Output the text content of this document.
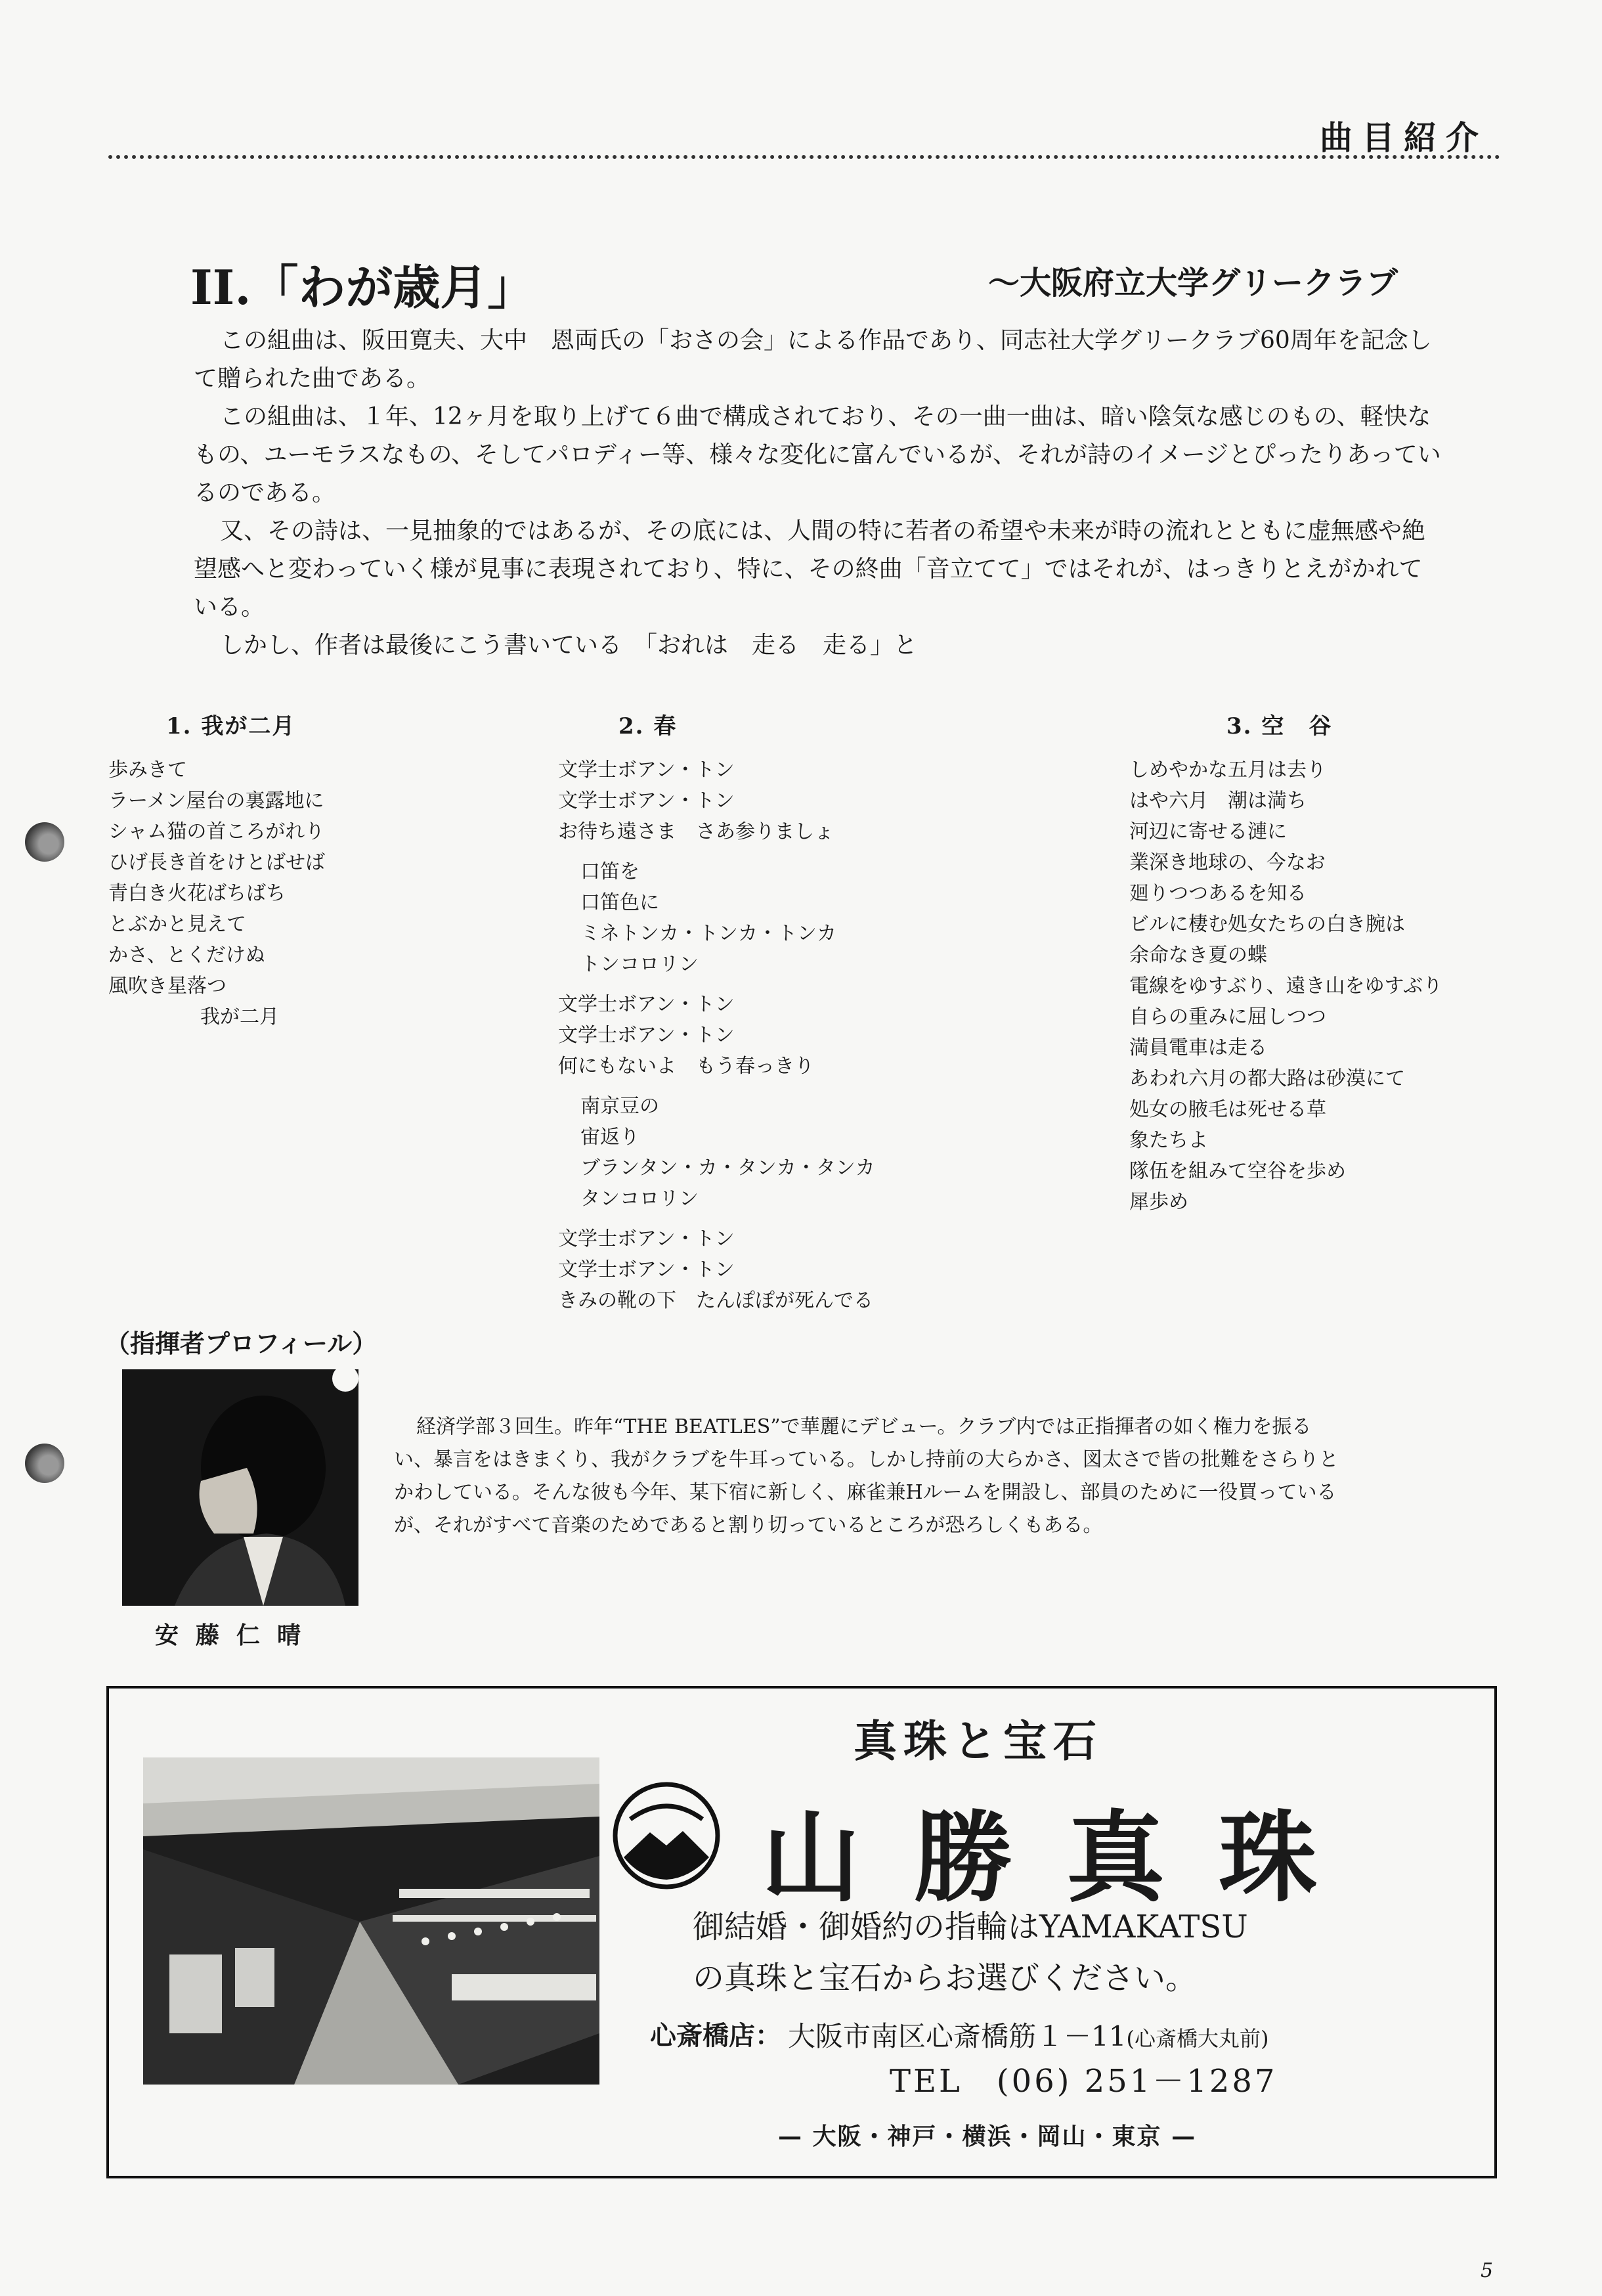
曲目紹介
II.「わが歳月」	〜大阪府立大学グリークラブ

この組曲は、阪田寛夫、大中　恩両氏の「おさの会」による作品であり、同志社大学グリークラブ60周年を記念して贈られた曲である。

この組曲は、１年、12ヶ月を取り上げて６曲で構成されており、その一曲一曲は、暗い陰気な感じのもの、軽快なもの、ユーモラスなもの、そしてパロディー等、様々な変化に富んでいるが、それが詩のイメージとぴったりあっているのである。

又、その詩は、一見抽象的ではあるが、その底には、人間の特に若者の希望や未来が時の流れとともに虚無感や絶望感へと変わっていく様が見事に表現されており、特に、その終曲「音立てて」ではそれが、はっきりとえがかれている。

しかし、作者は最後にこう書いている　「おれは　走る　走る」と

1. 我が二月
歩みきて
ラーメン屋台の裏露地に
シャム猫の首ころがれり
ひげ長き首をけとばせば
青白き火花ばちばち
とぶかと見えて
かさ、とくだけぬ
風吹き星落つ
我が二月
2. 春
文学士ボアン・トン
文学士ボアン・トン
お待ち遠さま　さあ参りましょ
口笛を
口笛色に
ミネトンカ・トンカ・トンカ
トンコロリン
文学士ボアン・トン
文学士ボアン・トン
何にもないよ　もう春っきり
南京豆の
宙返り
ブランタン・カ・タンカ・タンカ
タンコロリン
文学士ボアン・トン
文学士ボアン・トン
きみの靴の下　たんぽぽが死んでる
3. 空　谷
しめやかな五月は去り
はや六月　潮は満ち
河辺に寄せる漣に
業深き地球の、今なお
廻りつつあるを知る
ビルに棲む処女たちの白き腕は
余命なき夏の蝶
電線をゆすぶり、遠き山をゆすぶり
自らの重みに屈しつつ
満員電車は走る
あわれ六月の都大路は砂漠にて
処女の腋毛は死せる草
象たちよ
隊伍を組みて空谷を歩め
犀歩め
（指揮者プロフィール）
安藤仁晴

経済学部３回生。昨年“THE BEATLES”で華麗にデビュー。クラブ内では正指揮者の如く権力を振るい、暴言をはきまくり、我がクラブを牛耳っている。しかし持前の大らかさ、図太さで皆の批難をさらりとかわしている。そんな彼も今年、某下宿に新しく、麻雀兼Hルームを開設し、部員のために一役買っているが、それがすべて音楽のためであると割り切っているところが恐ろしくもある。

真珠と宝石
山勝真珠
御結婚・御婚約の指輪はYAMAKATSU
の真珠と宝石からお選びください。
心斎橋店： 大阪市南区心斎橋筋１－11(心斎橋大丸前)
TEL　(06) 251－1287
— 大阪・神戸・横浜・岡山・東京 —
5
